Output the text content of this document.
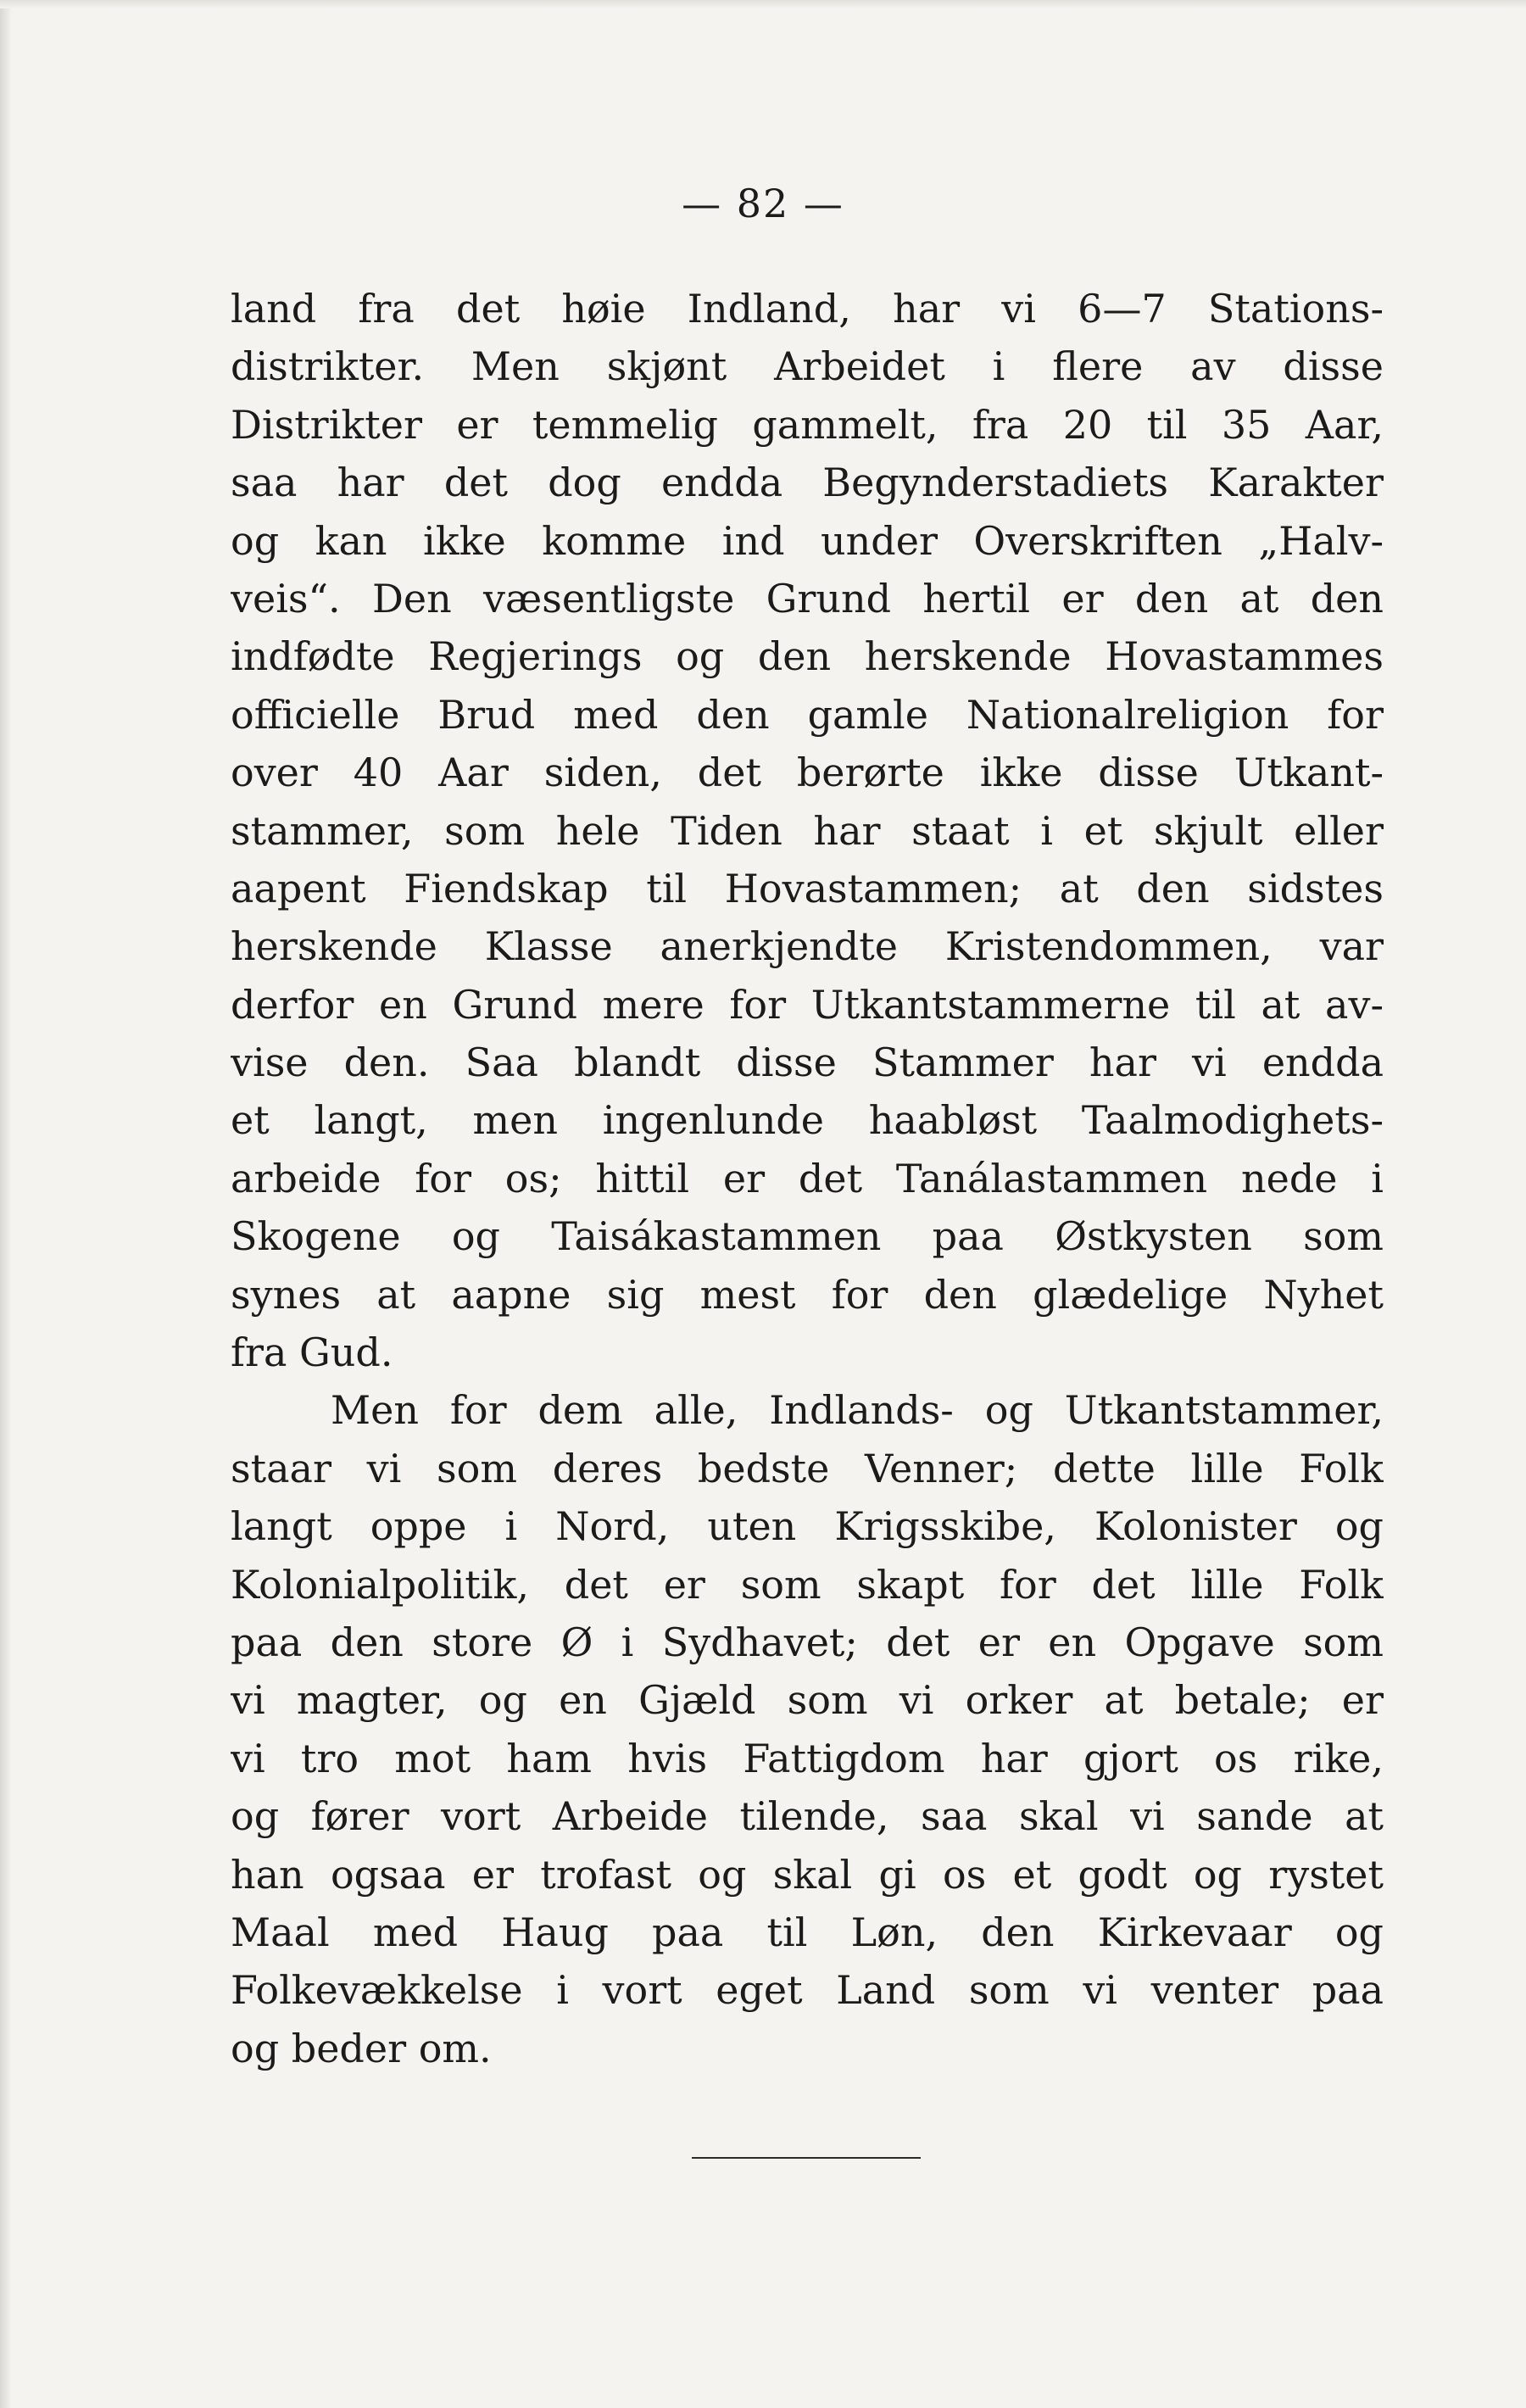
— 82 —
land fra det høie Indland, har vi 6—7 Stations-
distrikter. Men skjønt Arbeidet i flere av disse
Distrikter er temmelig gammelt, fra 20 til 35 Aar,
saa har det dog endda Begynderstadiets Karakter
og kan ikke komme ind under Overskriften „Halv-
veis“. Den væsentligste Grund hertil er den at den
indfødte Regjerings og den herskende Hovastammes
officielle Brud med den gamle Nationalreligion for
over 40 Aar siden, det berørte ikke disse Utkant-
stammer, som hele Tiden har staat i et skjult eller
aapent Fiendskap til Hovastammen; at den sidstes
herskende Klasse anerkjendte Kristendommen, var
derfor en Grund mere for Utkantstammerne til at av-
vise den. Saa blandt disse Stammer har vi endda
et langt, men ingenlunde haabløst Taalmodighets-
arbeide for os; hittil er det Tanálastammen nede i
Skogene og Taisákastammen paa Østkysten som
synes at aapne sig mest for den glædelige Nyhet
fra Gud.
Men for dem alle, Indlands- og Utkantstammer,
staar vi som deres bedste Venner; dette lille Folk
langt oppe i Nord, uten Krigsskibe, Kolonister og
Kolonialpolitik, det er som skapt for det lille Folk
paa den store Ø i Sydhavet; det er en Opgave som
vi magter, og en Gjæld som vi orker at betale; er
vi tro mot ham hvis Fattigdom har gjort os rike,
og fører vort Arbeide tilende, saa skal vi sande at
han ogsaa er trofast og skal gi os et godt og rystet
Maal med Haug paa til Løn, den Kirkevaar og
Folkevækkelse i vort eget Land som vi venter paa
og beder om.
